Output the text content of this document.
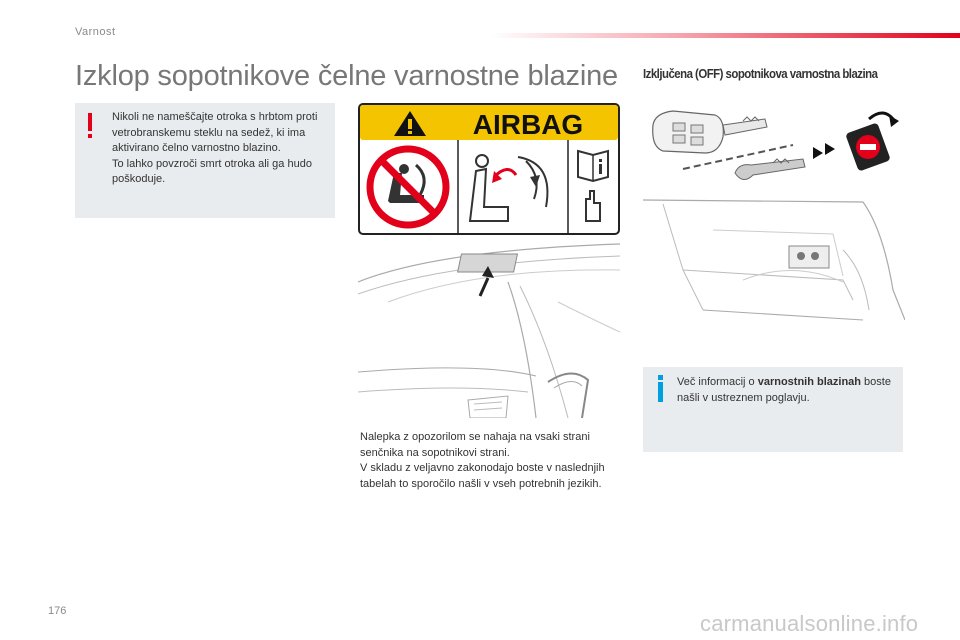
Varnost
Izklop sopotnikove čelne varnostne blazine Izključena (OFF) sopotnikova varnostna blazina
Nikoli ne nameščajte otroka s hrbtom proti vetrobranskemu steklu na sedež, ki ima aktivirano čelno varnostno blazino.
To lahko povzroči smrt otroka ali ga hudo poškoduje.
AIRBAG
Nalepka z opozorilom se nahaja na vsaki strani senčnika na sopotnikovi strani.
V skladu z veljavno zakonodajo boste v naslednjih tabelah to sporočilo našli v vseh potrebnih jezikih.
Več informacij o varnostnih blazinah boste našli v ustreznem poglavju.
176	carmanualsonline.info
